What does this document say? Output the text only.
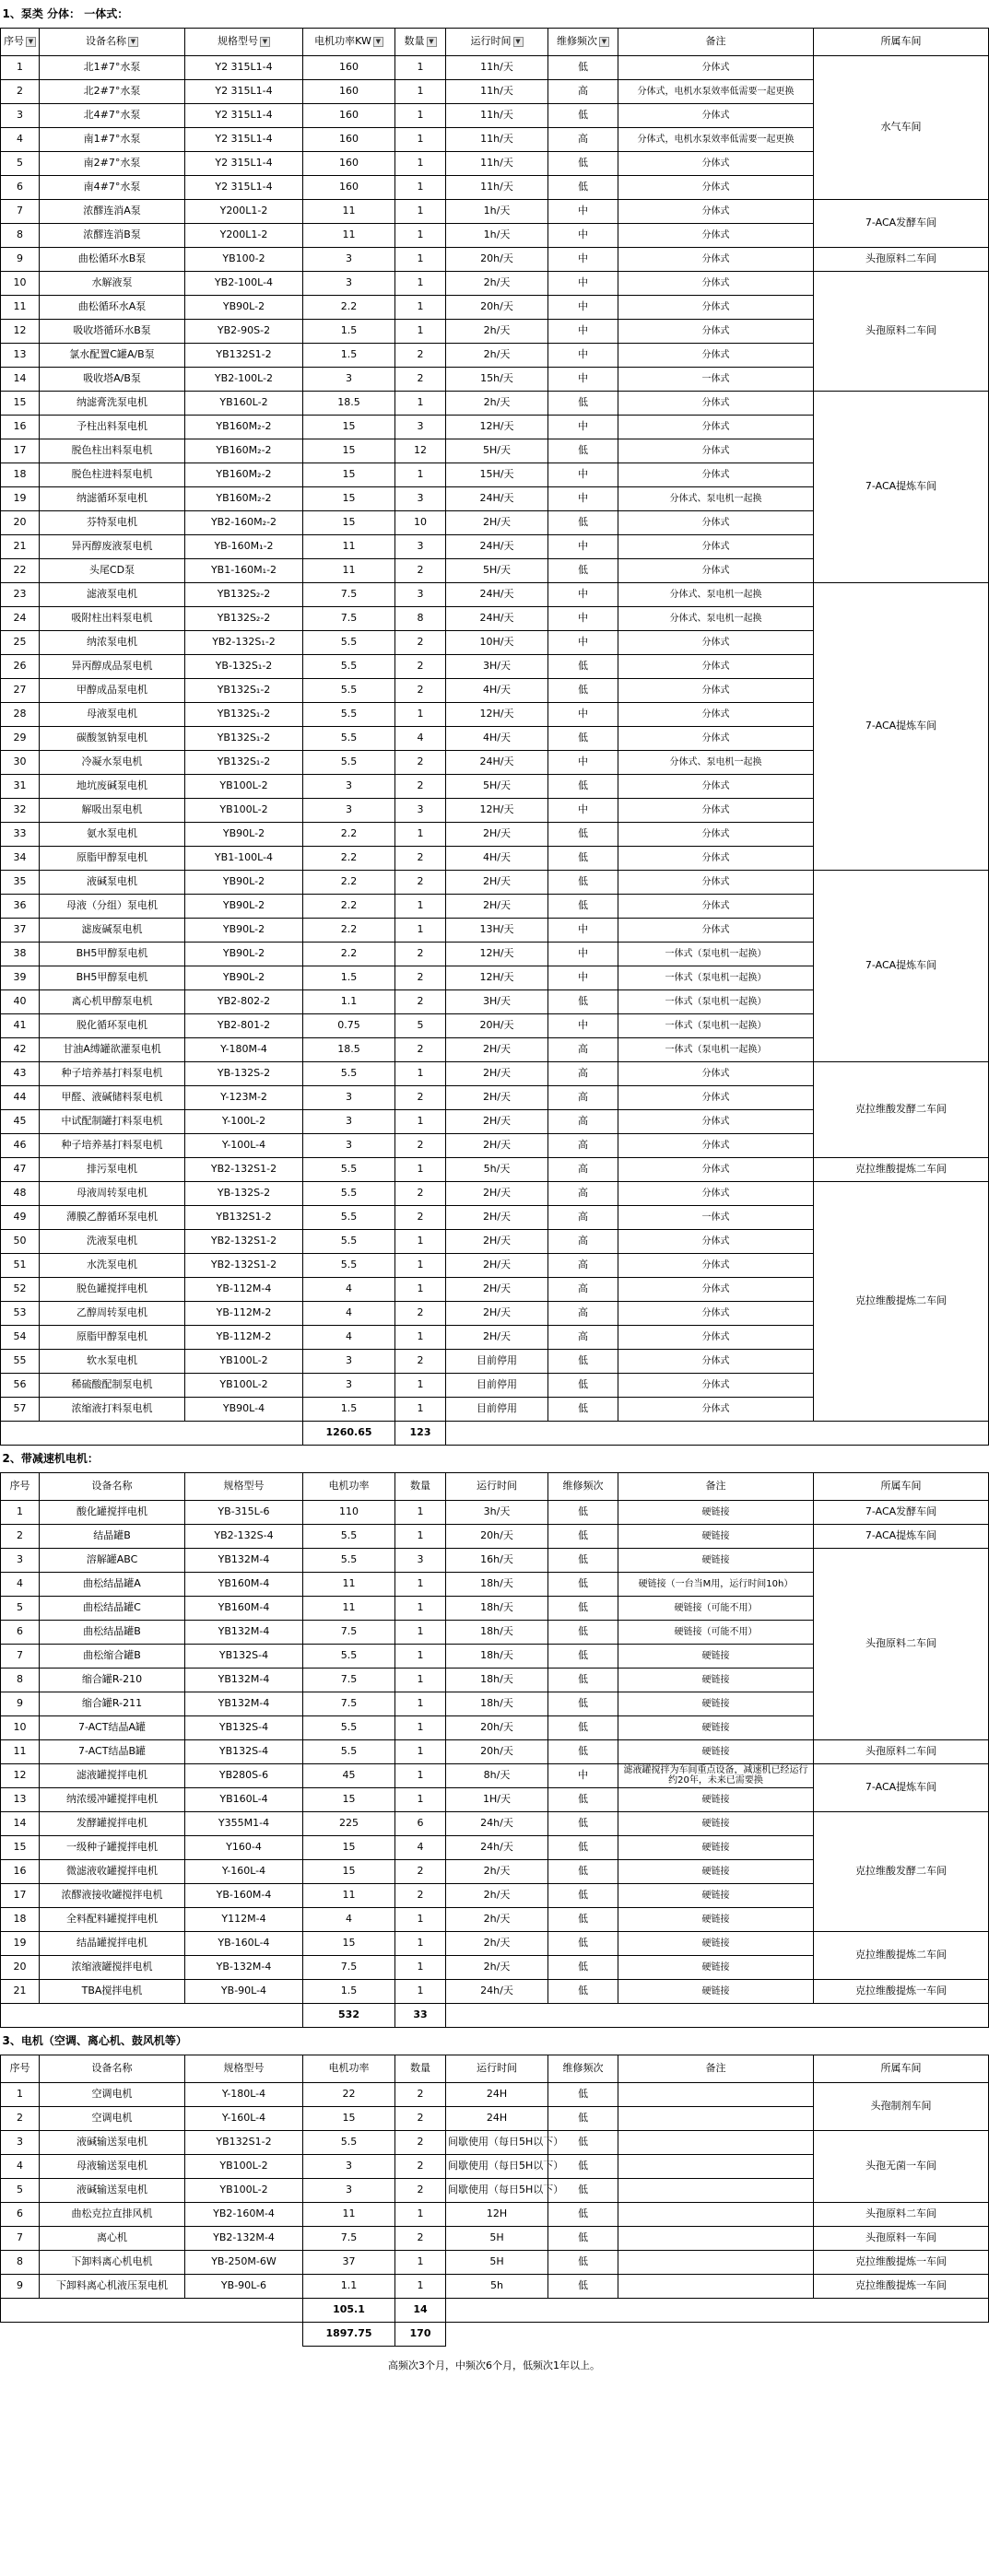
1、泵类 分体： 一体式：								
序号 ▼	设备名称 ▼	规格型号 ▼	电机功率KW ▼	数量 ▼	运行时间 ▼	维修频次 ▼	备注	所属车间
1	北1#7°水泵	Y2 315L1-4	160	1	11h/天	低	分体式	水气车间
2	北2#7°水泵	Y2 315L1-4	160	1	11h/天	高	分体式，电机水泵效率低需要一起更换	
3	北4#7°水泵	Y2 315L1-4	160	1	11h/天	低	分体式	
4	南1#7°水泵	Y2 315L1-4	160	1	11h/天	高	分体式，电机水泵效率低需要一起更换	
5	南2#7°水泵	Y2 315L1-4	160	1	11h/天	低	分体式	
6	南4#7°水泵	Y2 315L1-4	160	1	11h/天	低	分体式	
7	浓醪连消A泵	Y200L1-2	11	1	1h/天	中	分体式	7-ACA发酵车间
8	浓醪连消B泵	Y200L1-2	11	1	1h/天	中	分体式	
9	曲松循环水B泵	YB100-2	3	1	20h/天	中	分体式	头孢原料二车间
10	水解液泵	YB2-100L-4	3	1	2h/天	中	分体式	头孢原料二车间
11	曲松循环水A泵	YB90L-2	2.2	1	20h/天	中	分体式	
12	吸收塔循环水B泵	YB2-90S-2	1.5	1	2h/天	中	分体式	
13	氯水配置C罐A/B泵	YB132S1-2	1.5	2	2h/天	中	分体式	
14	吸收塔A/B泵	YB2-100L-2	3	2	15h/天	中	一体式	
15	纳滤膏洗泵电机	YB160L-2	18.5	1	2h/天	低	分体式	7-ACA提炼车间
16	予柱出料泵电机	YB160M₂-2	15	3	12H/天	中	分体式	
17	脱色柱出料泵电机	YB160M₂-2	15	12	5H/天	低	分体式	
18	脱色柱进料泵电机	YB160M₂-2	15	1	15H/天	中	分体式	
19	纳滤循环泵电机	YB160M₂-2	15	3	24H/天	中	分体式、泵电机一起换	
20	芬特泵电机	YB2-160M₂-2	15	10	2H/天	低	分体式	
21	异丙醇废液泵电机	YB-160M₁-2	11	3	24H/天	中	分体式	
22	头尾CD泵	YB1-160M₁-2	11	2	5H/天	低	分体式	
23	滤液泵电机	YB132S₂-2	7.5	3	24H/天	中	分体式、泵电机一起换	7-ACA提炼车间
24	吸附柱出料泵电机	YB132S₂-2	7.5	8	24H/天	中	分体式、泵电机一起换	
25	纳浓泵电机	YB2-132S₁-2	5.5	2	10H/天	中	分体式	
26	异丙醇成品泵电机	YB-132S₁-2	5.5	2	3H/天	低	分体式	
27	甲醇成品泵电机	YB132S₁-2	5.5	2	4H/天	低	分体式	
28	母液泵电机	YB132S₁-2	5.5	1	12H/天	中	分体式	
29	碳酸氢钠泵电机	YB132S₁-2	5.5	4	4H/天	低	分体式	
30	冷凝水泵电机	YB132S₁-2	5.5	2	24H/天	中	分体式、泵电机一起换	
31	地坑废碱泵电机	YB100L-2	3	2	5H/天	低	分体式	
32	解吸出泵电机	YB100L-2	3	3	12H/天	中	分体式	
33	氨水泵电机	YB90L-2	2.2	1	2H/天	低	分体式	
34	原脂甲醇泵电机	YB1-100L-4	2.2	2	4H/天	低	分体式	
35	液碱泵电机	YB90L-2	2.2	2	2H/天	低	分体式	7-ACA提炼车间
36	母液（分组）泵电机	YB90L-2	2.2	1	2H/天	低	分体式	
37	滤废碱泵电机	YB90L-2	2.2	1	13H/天	中	分体式	
38	BH5甲醇泵电机	YB90L-2	2.2	2	12H/天	中	一体式（泵电机一起换）	
39	BH5甲醇泵电机	YB90L-2	1.5	2	12H/天	中	一体式（泵电机一起换）	
40	离心机甲醇泵电机	YB2-802-2	1.1	2	3H/天	低	一体式（泵电机一起换）	
41	脱化循环泵电机	YB2-801-2	0.75	5	20H/天	中	一体式（泵电机一起换）	
42	甘油A缚罐欲灌泵电机	Y-180M-4	18.5	2	2H/天	高	一体式（泵电机一起换）	
43	种子培养基打料泵电机	YB-132S-2	5.5	1	2H/天	高	分体式	克拉维酸发酵二车间
44	甲醛、液碱储料泵电机	Y-123M-2	3	2	2H/天	高	分体式	
45	中试配制罐打料泵电机	Y-100L-2	3	1	2H/天	高	分体式	
46	种子培养基打料泵电机	Y-100L-4	3	2	2H/天	高	分体式	
47	排污泵电机	YB2-132S1-2	5.5	1	5h/天	高	分体式	克拉维酸提炼二车间
48	母液周转泵电机	YB-132S-2	5.5	2	2H/天	高	分体式	克拉维酸提炼二车间
49	薄膜乙醇循环泵电机	YB132S1-2	5.5	2	2H/天	高	一体式	
50	洗液泵电机	YB2-132S1-2	5.5	1	2H/天	高	分体式	
51	水洗泵电机	YB2-132S1-2	5.5	1	2H/天	高	分体式	
52	脱色罐搅拌电机	YB-112M-4	4	1	2H/天	高	分体式	
53	乙醇周转泵电机	YB-112M-2	4	2	2H/天	高	分体式	
54	原脂甲醇泵电机	YB-112M-2	4	1	2H/天	高	分体式	
55	软水泵电机	YB100L-2	3	2	目前停用	低	分体式	
56	稀硫酸配制泵电机	YB100L-2	3	1	目前停用	低	分体式	
57	浓缩液打料泵电机	YB90L-4	1.5	1	目前停用	低	分体式	
			1260.65	123				
2、带减速机电机：								
序号	设备名称	规格型号	电机功率	数量	运行时间	维修频次	备注	所属车间
1	酸化罐搅拌电机	YB-315L-6	110	1	3h/天	低	硬链接	7-ACA发酵车间
2	结晶罐B	YB2-132S-4	5.5	1	20h/天	低	硬链接	7-ACA提炼车间
3	溶解罐ABC	YB132M-4	5.5	3	16h/天	低	硬链接	头孢原料二车间
4	曲松结晶罐A	YB160M-4	11	1	18h/天	低	硬链接（一台当M用，运行时间10h）	
5	曲松结晶罐C	YB160M-4	11	1	18h/天	低	硬链接（可能不用）	
6	曲松结晶罐B	YB132M-4	7.5	1	18h/天	低	硬链接（可能不用）	
7	曲松缩合罐B	YB132S-4	5.5	1	18h/天	低	硬链接	
8	缩合罐R-210	YB132M-4	7.5	1	18h/天	低	硬链接	
9	缩合罐R-211	YB132M-4	7.5	1	18h/天	低	硬链接	
10	7-ACT结晶A罐	YB132S-4	5.5	1	20h/天	低	硬链接	
11	7-ACT结晶B罐	YB132S-4	5.5	1	20h/天	低	硬链接	头孢原料二车间
12	滤液罐搅拌电机	YB280S-6	45	1	8h/天	中	滤液罐搅拌为车间重点设备，减速机已经运行约20年，未来已需要换	7-ACA提炼车间
13	纳浓缓冲罐搅拌电机	YB160L-4	15	1	1H/天	低	硬链接	
14	发酵罐搅拌电机	Y355M1-4	225	6	24h/天	低	硬链接	克拉维酸发酵二车间
15	一级种子罐搅拌电机	Y160-4	15	4	24h/天	低	硬链接	
16	微滤液收罐搅拌电机	Y-160L-4	15	2	2h/天	低	硬链接	
17	浓醪液接收罐搅拌电机	YB-160M-4	11	2	2h/天	低	硬链接	
18	全料配料罐搅拌电机	Y112M-4	4	1	2h/天	低	硬链接	
19	结晶罐搅拌电机	YB-160L-4	15	1	2h/天	低	硬链接	克拉维酸提炼二车间
20	浓缩液罐搅拌电机	YB-132M-4	7.5	1	2h/天	低	硬链接	
21	TBA搅拌电机	YB-90L-4	1.5	1	24h/天	低	硬链接	克拉维酸提炼一车间
			532	33				
3、电机（空调、离心机、鼓风机等）								
序号	设备名称	规格型号	电机功率	数量	运行时间	维修频次	备注	所属车间
1	空调电机	Y-180L-4	22	2	24H	低		头孢制剂车间
2	空调电机	Y-160L-4	15	2	24H	低		
3	液碱输送泵电机	YB132S1-2	5.5	2	间歇使用（每日5H以下）	低		头孢无菌一车间
4	母液输送泵电机	YB100L-2	3	2	间歇使用（每日5H以下）	低		
5	液碱输送泵电机	YB100L-2	3	2	间歇使用（每日5H以下）	低		
6	曲松克拉直排风机	YB2-160M-4	11	1	12H	低		头孢原料二车间
7	离心机	YB2-132M-4	7.5	2	5H	低		头孢原料一车间
8	下卸料离心机电机	YB-250M-6W	37	1	5H	低		克拉维酸提炼一车间
9	下卸料离心机液压泵电机	YB-90L-6	1.1	1	5h	低		克拉维酸提炼一车间
			105.1	14				
			1897.75	170				
高频次3个月，中频次6个月，低频次1年以上。
